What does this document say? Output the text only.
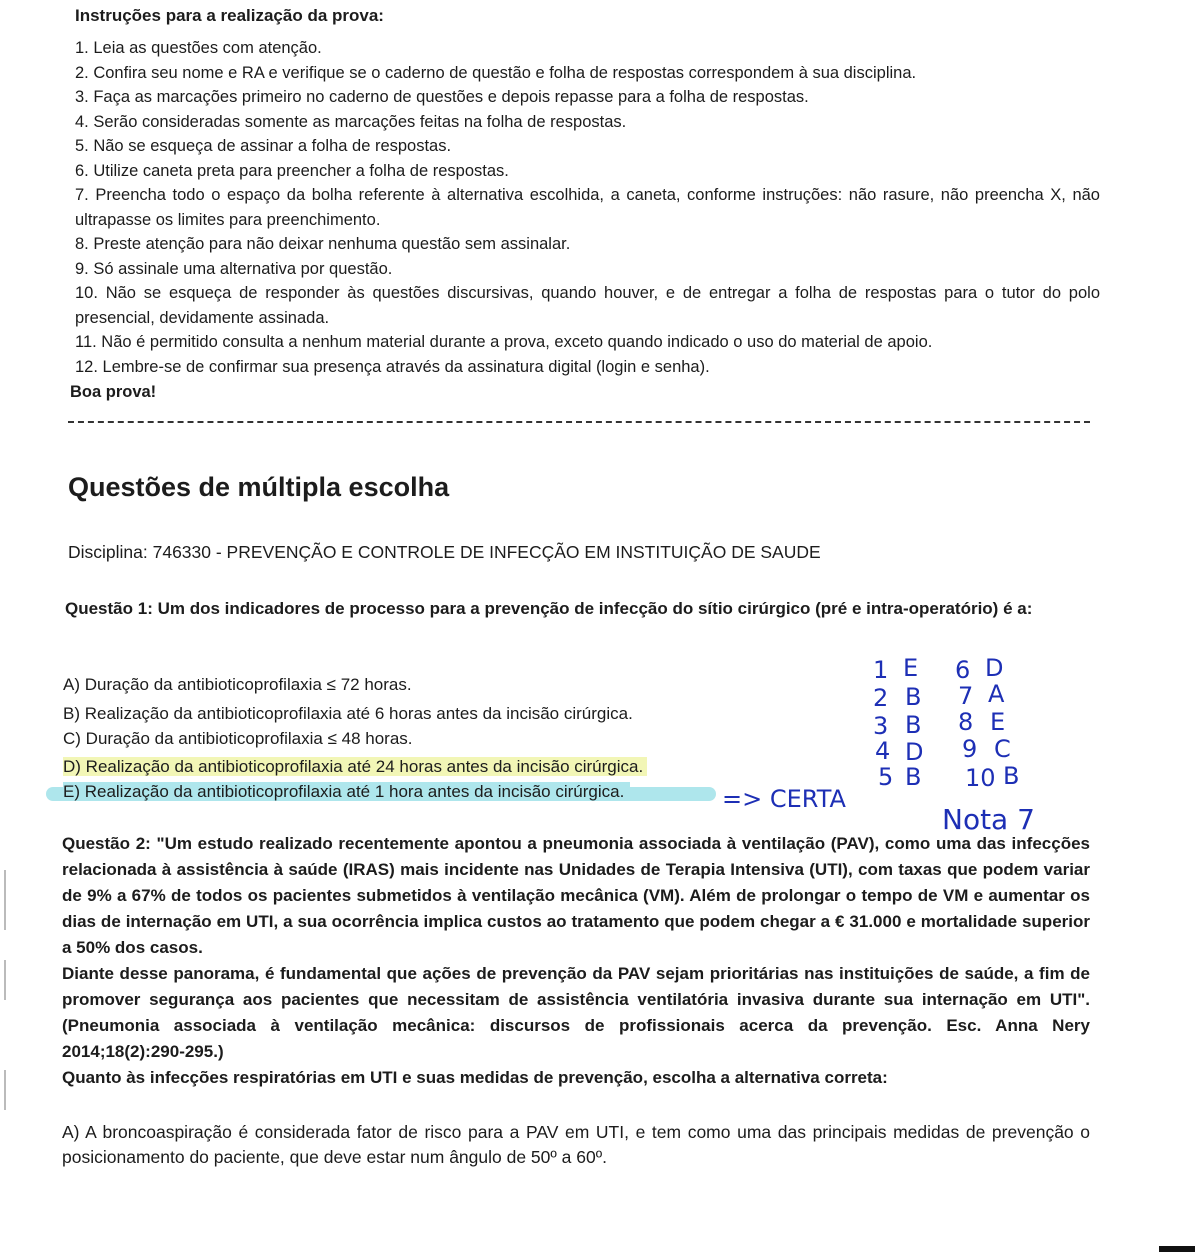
Instruções para a realização da prova:
1. Leia as questões com atenção.
2. Confira seu nome e RA e verifique se o caderno de questão e folha de respostas correspondem à sua disciplina.
3. Faça as marcações primeiro no caderno de questões e depois repasse para a folha de respostas.
4. Serão consideradas somente as marcações feitas na folha de respostas.
5. Não se esqueça de assinar a folha de respostas.
6. Utilize caneta preta para preencher a folha de respostas.
7. Preencha todo o espaço da bolha referente à alternativa escolhida, a caneta, conforme instruções: não rasure, não preencha X, não ultrapasse os limites para preenchimento.
8. Preste atenção para não deixar nenhuma questão sem assinalar.
9. Só assinale uma alternativa por questão.
10. Não se esqueça de responder às questões discursivas, quando houver, e de entregar a folha de respostas para o tutor do polo presencial, devidamente assinada.
11. Não é permitido consulta a nenhum material durante a prova, exceto quando indicado o uso do material de apoio.
12. Lembre-se de confirmar sua presença através da assinatura digital (login e senha).
Boa prova!
Questões de múltipla escolha
Disciplina: 746330 - PREVENÇÃO E CONTROLE DE INFECÇÃO EM INSTITUIÇÃO DE SAUDE
Questão 1: Um dos indicadores de processo para a prevenção de infecção do sítio cirúrgico (pré e intra-operatório) é a:
A) Duração da antibioticoprofilaxia ≤ 72 horas.
B) Realização da antibioticoprofilaxia até 6 horas antes da incisão cirúrgica.
C) Duração da antibioticoprofilaxia ≤ 48 horas.
D) Realização da antibioticoprofilaxia até 24 horas antes da incisão cirúrgica.
E) Realização da antibioticoprofilaxia até 1 hora antes da incisão cirúrgica.	=> CERTA
1 E
2 B
3 B
4 D
5 B
6 D
7 A
8 E
9 C
10 B
Nota 7

Questão 2: "Um estudo realizado recentemente apontou a pneumonia associada à ventilação (PAV), como uma das infecções relacionada à assistência à saúde (IRAS) mais incidente nas Unidades de Terapia Intensiva (UTI), com taxas que podem variar de 9% a 67% de todos os pacientes submetidos à ventilação mecânica (VM). Além de prolongar o tempo de VM e aumentar os dias de internação em UTI, a sua ocorrência implica custos ao tratamento que podem chegar a € 31.000 e mortalidade superior a 50% dos casos.

Diante desse panorama, é fundamental que ações de prevenção da PAV sejam prioritárias nas instituições de saúde, a fim de promover segurança aos pacientes que necessitam de assistência ventilatória invasiva durante sua internação em UTI". (Pneumonia associada à ventilação mecânica: discursos de profissionais acerca da prevenção. Esc. Anna Nery 2014;18(2):290-295.)

Quanto às infecções respiratórias em UTI e suas medidas de prevenção, escolha a alternativa correta:

A) A broncoaspiração é considerada fator de risco para a PAV em UTI, e tem como uma das principais medidas de prevenção o posicionamento do paciente, que deve estar num ângulo de 50º a 60º.
